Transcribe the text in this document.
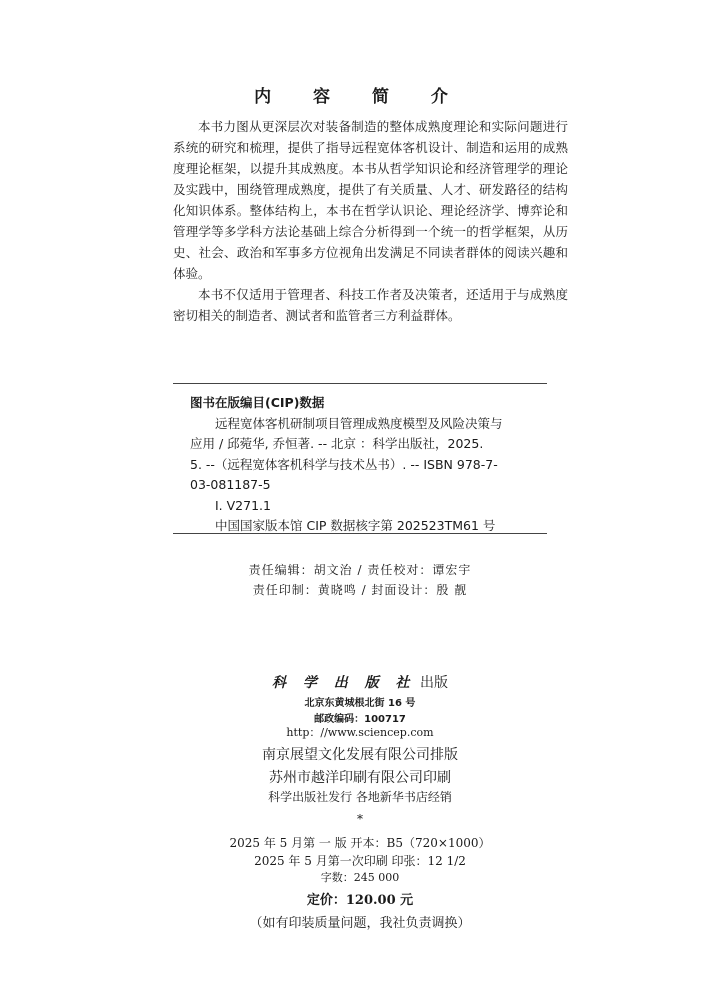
内 容 简 介

本书力图从更深层次对装备制造的整体成熟度理论和实际问题进行系统的研究和梳理，提供了指导远程宽体客机设计、制造和运用的成熟度理论框架，以提升其成熟度。本书从哲学知识论和经济管理学的理论及实践中，围绕管理成熟度，提供了有关质量、人才、研发路径的结构化知识体系。整体结构上，本书在哲学认识论、理论经济学、博弈论和管理学等多学科方法论基础上综合分析得到一个统一的哲学框架，从历史、社会、政治和军事多方位视角出发满足不同读者群体的阅读兴趣和体验。

本书不仅适用于管理者、科技工作者及决策者，还适用于与成熟度密切相关的制造者、测试者和监管者三方利益群体。

图书在版编目(CIP)数据
远程宽体客机研制项目管理成熟度模型及风险决策与
应用 / 邱菀华, 乔恒著. -- 北京 ：科学出版社，2025.
5. --（远程宽体客机科学与技术丛书）. -- ISBN 978-7-
03-081187-5
Ⅰ. V271.1
中国国家版本馆 CIP 数据核字第 202523TM61 号
责任编辑：胡文治 / 责任校对：谭宏宇
责任印制：黄晓鸣 / 封面设计：殷 靓
科 学 出 版 社 出版
北京东黄城根北街 16 号
邮政编码：100717
http：//www.sciencep.com
南京展望文化发展有限公司排版
苏州市越洋印刷有限公司印刷
科学出版社发行 各地新华书店经销
*
2025 年 5 月第 一 版 开本：B5（720×1000）
2025 年 5 月第一次印刷 印张：12 1/2
字数：245 000
定价：120.00 元
（如有印装质量问题，我社负责调换）
